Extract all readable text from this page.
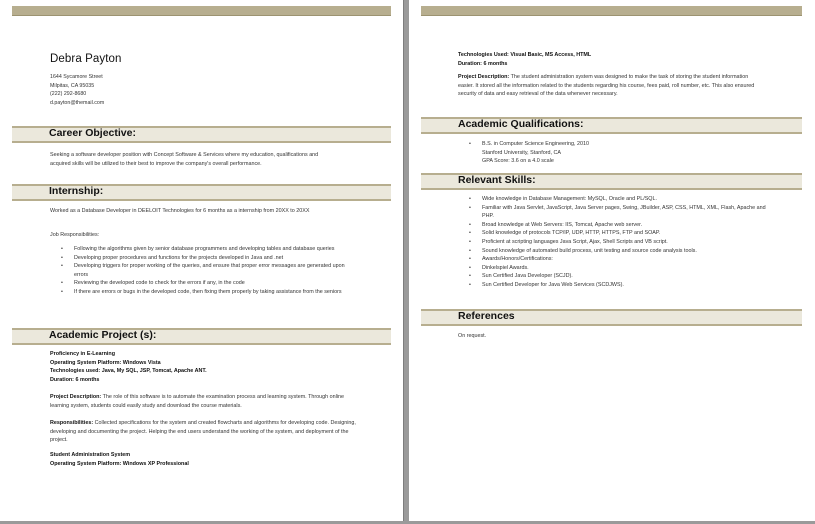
Debra Payton
1644 Sycamore Street
Milpitas, CA 95035
(222) 292-8680
d.payton@themail.com
Career Objective:
Seeking a software developer position with Concept Software & Services where my education, qualifications and acquired skills will be utilized to their best to improve the company's overall performance.
Internship:
Worked as a Database Developer in DEELOIT Technologies for 6 months as a internship from 20XX to 20XX
Job Responsibilities:
• Following the algorithms given by senior database programmers and developing tables and database queries
• Developing proper procedures and functions for the projects developed in Java and .net
• Developing triggers for proper working of the queries, and ensure that proper error messages are generated upon errors
• Reviewing the developed code to check for the errors if any, in the code
• If there are errors or bugs in the developed code, then fixing them properly by taking assistance from the seniors
Academic Project (s):
Proficiency in E-Learning
Operating System Platform: Windows Vista
Technologies used: Java, My SQL, JSP, Tomcat, Apache ANT.
Duration: 6 months
Project Description: The role of this software is to automate the examination process and learning system. Through online learning system, students could easily study and download the course materials.
Responsibilities: Collected specifications for the system and created flowcharts and algorithms for developing code. Designing, developing and documenting the project. Helping the end users understand the working of the system, and deployment of the project.
Student Administration System
Operating System Platform: Windows XP Professional
Technologies Used: Visual Basic, MS Access, HTML
Duration: 6 months
Project Description: The student administration system was designed to make the task of storing the student information easier. It stored all the information related to the students regarding his course, fees paid, roll number, etc. This also ensured security of data and easy retrieval of the data whenever necessary.
Academic Qualifications:
• B.S. in Computer Science Engineering, 2010
Stanford University, Stanford, CA
GPA Score: 3.6 on a 4.0 scale
Relevant Skills:
• Wide knowledge in Database Management: MySQL, Oracle and PL/SQL.
• Familiar with Java Servlet, JavaScript, Java Server pages, Swing, JBuilder, ASP, CSS, HTML, XML, Flash, Apache and PHP.
• Broad knowledge at Web Servers: IIS, Tomcat, Apache web server.
• Solid knowledge of protocols TCP/IP, UDP, HTTP, HTTPS, FTP and SOAP.
• Proficient at scripting languages Java Script, Ajax, Shell Scripts and VB script.
• Sound knowledge of automated build process, unit testing and source code analysis tools.
• Awards/Honors/Certifications:
• Dinkelspiel Awards.
• Sun Certified Java Developer (SCJD).
• Sun Certified Developer for Java Web Services (SCDJWS).
References
On request.
